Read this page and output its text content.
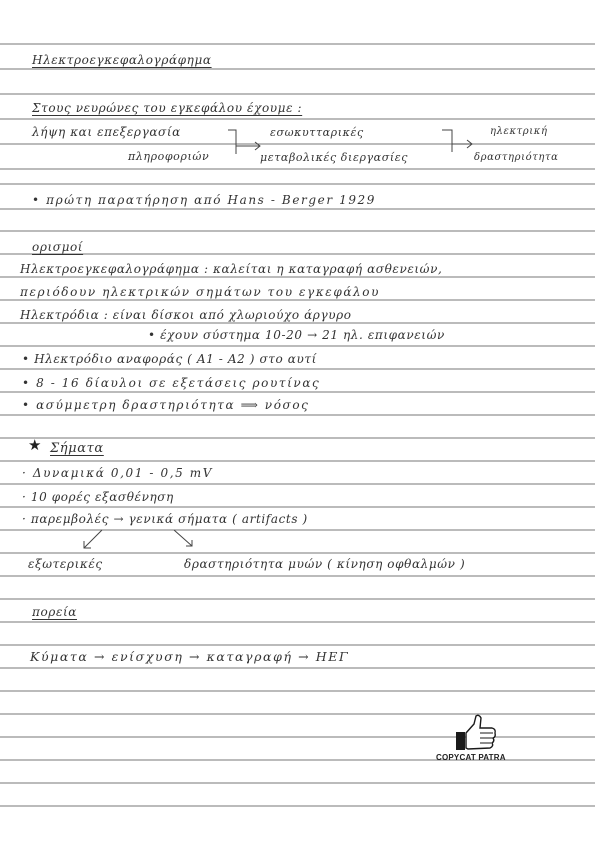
Ηλεκτροεγκεφαλογράφημα
Στους νευρώνες του εγκεφάλου έχουμε :
λήψη και επεξεργασία	εσωκυτταρικές	ηλεκτρική
πληροφοριών	μεταβολικές διεργασίες	δραστηριότητα
• πρώτη παρατήρηση από Hans - Berger 1929
ορισμοί
Ηλεκτροεγκεφαλογράφημα : καλείται η καταγραφή ασθενειών,
περιόδουν ηλεκτρικών σημάτων του εγκεφάλου
Ηλεκτρόδια : είναι δίσκοι από χλωριούχο άργυρο
• έχουν σύστημα 10-20 → 21 ηλ. επιφανειών
• Ηλεκτρόδιο αναφοράς ( A1 - A2 ) στο αυτί
• 8 - 16 δίαυλοι σε εξετάσεις ρουτίνας
• ασύμμετρη δραστηριότητα ⟹ νόσος
★ Σήματα
· Δυναμικά 0,01 - 0,5 mV
· 10 φορές εξασθένηση
· παρεμβολές → γενικά σήματα ( artifacts )
εξωτερικές	δραστηριότητα μυών ( κίνηση οφθαλμών )
πορεία
Κύματα → ενίσχυση → καταγραφή → ΗΕΓ
COPYCAT PATRA
